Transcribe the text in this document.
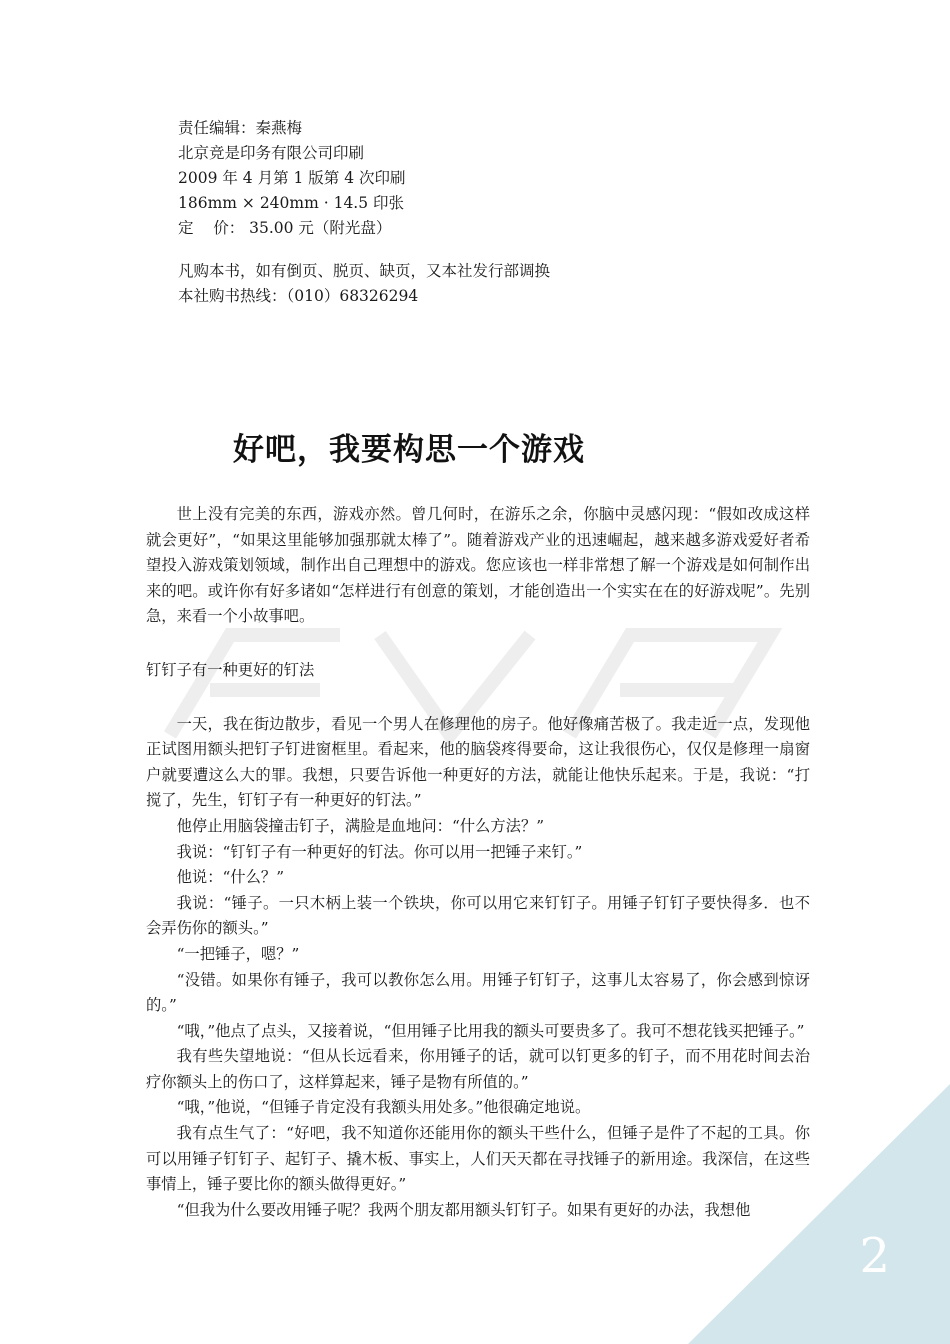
2
责任编辑：秦燕梅
北京竞是印务有限公司印刷
2009 年 4 月第 1 版第 4 次印刷
186mm × 240mm · 14.5 印张
定    价： 35.00 元（附光盘）
凡购本书，如有倒页、脱页、缺页，又本社发行部调换
本社购书热线：（010）68326294
好吧，我要构思一个游戏

世上没有完美的东西，游戏亦然。曾几何时，在游乐之余，你脑中灵感闪现：“假如改成这样就会更好”，“如果这里能够加强那就太棒了”。随着游戏产业的迅速崛起，越来越多游戏爱好者希望投入游戏策划领域，制作出自己理想中的游戏。您应该也一样非常想了解一个游戏是如何制作出来的吧。或许你有好多诸如“怎样进行有创意的策划，才能创造出一个实实在在的好游戏呢”。先别急，来看一个小故事吧。

钉钉子有一种更好的钉法

一天，我在街边散步，看见一个男人在修理他的房子。他好像痛苦极了。我走近一点，发现他正试图用额头把钉子钉进窗框里。看起来，他的脑袋疼得要命，这让我很伤心，仅仅是修理一扇窗户就要遭这么大的罪。我想，只要告诉他一种更好的方法，就能让他快乐起来。于是，我说：“打搅了，先生，钉钉子有一种更好的钉法。”

他停止用脑袋撞击钉子，满脸是血地问：“什么方法？”

我说：“钉钉子有一种更好的钉法。你可以用一把锤子来钉。”

他说：“什么？”

我说：“锤子。一只木柄上装一个铁块，你可以用它来钉钉子。用锤子钉钉子要快得多．也不会弄伤你的额头。”

“一把锤子，嗯？”

“没错。如果你有锤子，我可以教你怎么用。用锤子钉钉子，这事儿太容易了，你会感到惊讶的。”

“哦，”他点了点头，又接着说，“但用锤子比用我的额头可要贵多了。我可不想花钱买把锤子。”

我有些失望地说：“但从长远看来，你用锤子的话，就可以钉更多的钉子，而不用花时间去治疗你额头上的伤口了，这样算起来，锤子是物有所值的。”

“哦，”他说，“但锤子肯定没有我额头用处多。”他很确定地说。

我有点生气了：“好吧，我不知道你还能用你的额头干些什么，但锤子是件了不起的工具。你可以用锤子钉钉子、起钉子、撬木板、事实上，人们天天都在寻找锤子的新用途。我深信，在这些事情上，锤子要比你的额头做得更好。”

“但我为什么要改用锤子呢？我两个朋友都用额头钉钉子。如果有更好的办法，我想他
